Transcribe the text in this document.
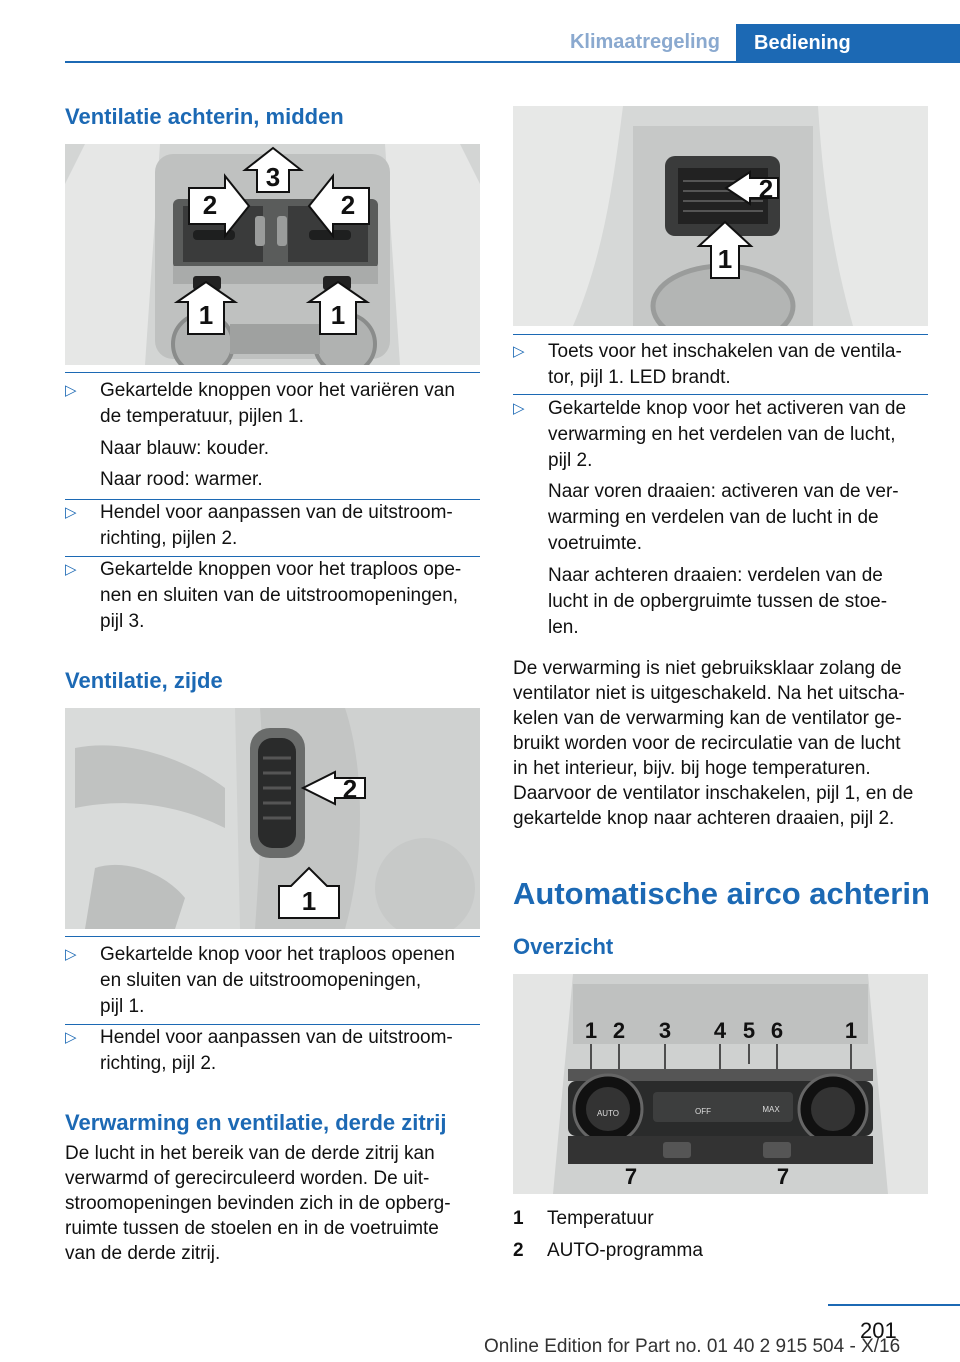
Klimaatregeling	Bediening
Ventilatie achterin, midden
1	1
2	2
3
▷ Gekartelde knoppen voor het variëren van
de temperatuur, pijlen 1.
Naar blauw: kouder.
Naar rood: warmer.
▷ Hendel voor aanpassen van de uitstroom-
richting, pijlen 2.
▷ Gekartelde knoppen voor het traploos ope-
nen en sluiten van de uitstroomopeningen,
pijl 3.
Ventilatie, zijde
1
2
▷ Gekartelde knop voor het traploos openen
en sluiten van de uitstroomopeningen,
pijl 1.
▷ Hendel voor aanpassen van de uitstroom-
richting, pijl 2.
Verwarming en ventilatie, derde zitrij
De lucht in het bereik van de derde zitrij kan
verwarmd of gerecirculeerd worden. De uit-
stroomopeningen bevinden zich in de opberg-
ruimte tussen de stoelen en in de voetruimte
van de derde zitrij.
1
2
▷ Toets voor het inschakelen van de ventila-
tor, pijl 1. LED brandt.
▷ Gekartelde knop voor het activeren van de
verwarming en het verdelen van de lucht,
pijl 2.
Naar voren draaien: activeren van de ver-
warming en verdelen van de lucht in de
voetruimte.
Naar achteren draaien: verdelen van de
lucht in de opbergruimte tussen de stoe-
len.
De verwarming is niet gebruiksklaar zolang de
ventilator niet is uitgeschakeld. Na het uitscha-
kelen van de verwarming kan de ventilator ge-
bruikt worden voor de recirculatie van de lucht
in het interieur, bijv. bij hoge temperaturen.
Daarvoor de ventilator inschakelen, pijl 1, en de
gekartelde knop naar achteren draaien, pijl 2.
Automatische airco achterin
Overzicht
1 2 3 4 5 6	1
7	7
AUTO	OFF	MAX
1 Temperatuur
2 AUTO-programma
201
Online Edition for Part no. 01 40 2 915 504 - X/16
